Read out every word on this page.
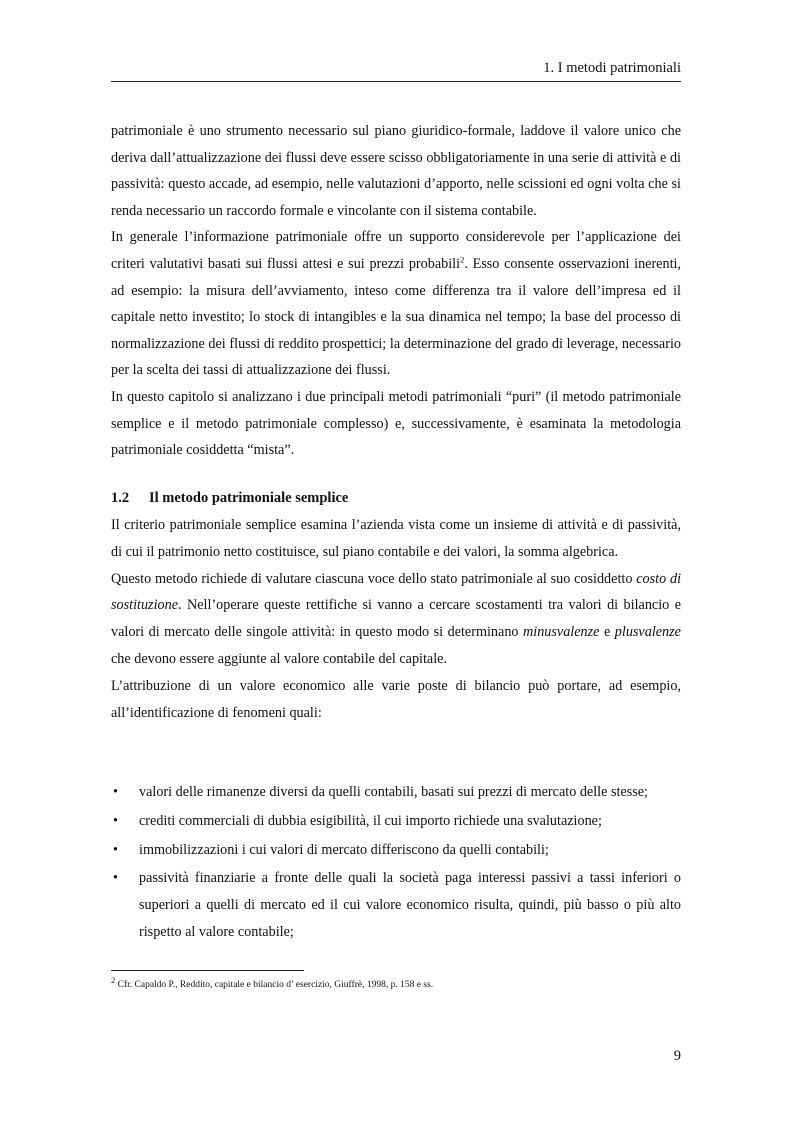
1. I metodi patrimoniali

patrimoniale è uno strumento necessario sul piano giuridico-formale, laddove il valore unico che deriva dall’attualizzazione dei flussi deve essere scisso obbligatoriamente in una serie di attività e di passività: questo accade, ad esempio, nelle valutazioni d’apporto, nelle scissioni ed ogni volta che si renda necessario un raccordo formale e vincolante con il sistema contabile.

In generale l’informazione patrimoniale offre un supporto considerevole per l’applicazione dei criteri valutativi basati sui flussi attesi e sui prezzi probabili$^2$. Esso consente osservazioni inerenti, ad esempio: la misura dell’avviamento, inteso come differenza tra il valore dell’impresa ed il capitale netto investito; lo stock di intangibles e la sua dinamica nel tempo; la base del processo di normalizzazione dei flussi di reddito prospettici; la determinazione del grado di leverage, necessario per la scelta dei tassi di attualizzazione dei flussi.

In questo capitolo si analizzano i due principali metodi patrimoniali “puri” (il metodo patrimoniale semplice e il metodo patrimoniale complesso) e, successivamente, è esaminata la metodologia patrimoniale cosiddetta “mista”.

1.2 Il metodo patrimoniale semplice

Il criterio patrimoniale semplice esamina l’azienda vista come un insieme di attività e di passività, di cui il patrimonio netto costituisce, sul piano contabile e dei valori, la somma algebrica.

Questo metodo richiede di valutare ciascuna voce dello stato patrimoniale al suo cosiddetto costo di sostituzione. Nell’operare queste rettifiche si vanno a cercare scostamenti tra valori di bilancio e valori di mercato delle singole attività: in questo modo si determinano minusvalenze e plusvalenze che devono essere aggiunte al valore contabile del capitale.

L’attribuzione di un valore economico alle varie poste di bilancio può portare, ad esempio, all’identificazione di fenomeni quali:

• valori delle rimanenze diversi da quelli contabili, basati sui prezzi di mercato delle stesse;
• crediti commerciali di dubbia esigibilità, il cui importo richiede una svalutazione;
• immobilizzazioni i cui valori di mercato differiscono da quelli contabili;
• passività finanziarie a fronte delle quali la società paga interessi passivi a tassi inferiori o superiori a quelli di mercato ed il cui valore economico risulta, quindi, più basso o più alto rispetto al valore contabile;
$^2$ Cfr. Capaldo P., Reddito, capitale e bilancio d’ esercizio, Giuffrè, 1998, p. 158 e ss.
9
